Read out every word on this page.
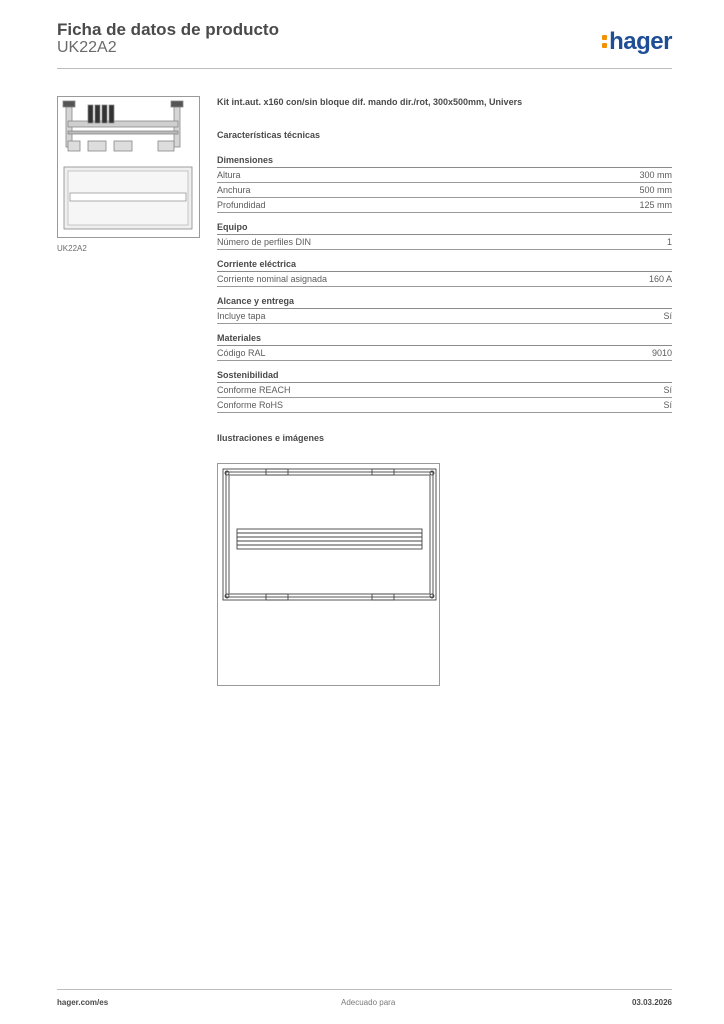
Ficha de datos de producto
UK22A2	hager
UK22A2
Kit int.aut. x160 con/sin bloque dif. mando dir./rot, 300x500mm, Univers
Características técnicas
Dimensiones
Altura	300 mm
Anchura	500 mm
Profundidad	125 mm
Equipo
Número de perfiles DIN	1
Corriente eléctrica
Corriente nominal asignada	160 A
Alcance y entrega
Incluye tapa	Sí
Materiales
Código RAL	9010
Sostenibilidad
Conforme REACH	Sí
Conforme RoHS	Sí
Ilustraciones e imágenes
hager.com/es	Adecuado para	03.03.2026
